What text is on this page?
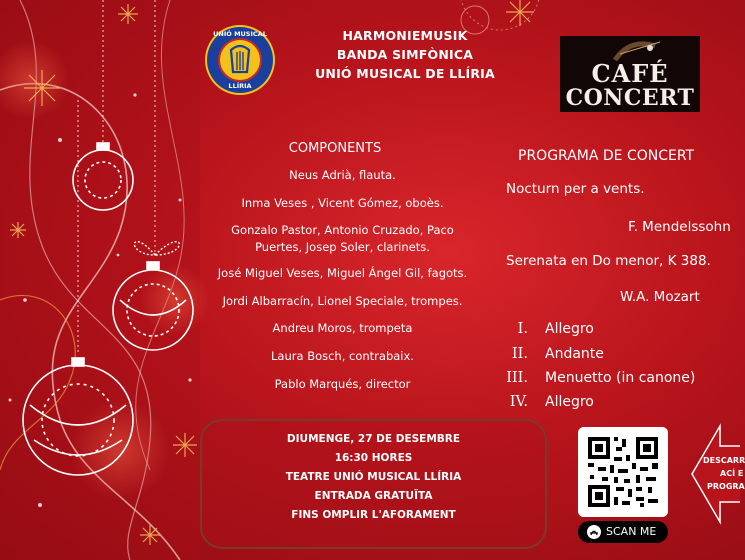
UNIÓ MUSICAL
LLÍRIA
HARMONIEMUSIK
BANDA SIMFÒNICA
UNIÓ MUSICAL DE LLÍRIA	CAFÉ
CONCERT
COMPONENTS
Neus Adrià, flauta.
Inma Veses , Vicent Gómez, oboès.
Gonzalo Pastor, Antonio Cruzado, Paco Puertes, Josep Soler, clarinets.
José Miguel Veses, Miguel Ángel Gil, fagots.
Jordi Albarracín, Lionel Speciale, trompes.
Andreu Moros, trompeta
Laura Bosch, contrabaix.
Pablo Marqués, director
PROGRAMA DE CONCERT
Nocturn per a vents.
F. Mendelssohn
Serenata en Do menor, K 388.
W.A. Mozart
I. Allegro
II. Andante
III. Menuetto (in canone)
IV. Allegro
DIUMENGE, 27 DE DESEMBRE
16:30 HORES
TEATRE UNIÓ MUSICAL LLÍRIA
ENTRADA GRATUÏTA
FINS OMPLIR L'AFORAMENT
SCAN ME
DESCARR
ACÍ E
PROGRA
